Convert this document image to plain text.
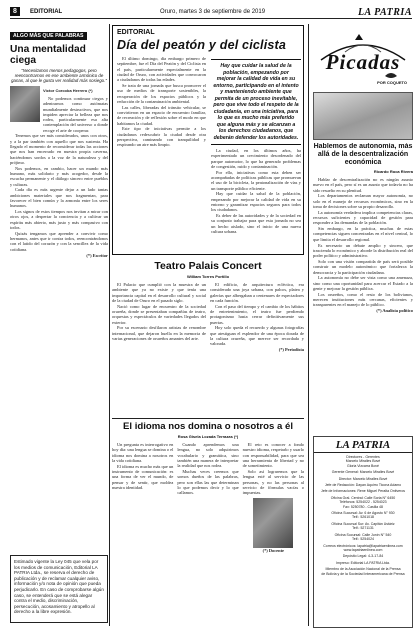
8	EDITORIAL	Oruro, martes 3 de septiembre de 2019	LA PATRIA
ALGO MÁS QUE PALABRAS
Una mentalidad ciega
"Necesitamos menos pedagogos, pero reencontrarnos en ese ambiente armónico de ganas, al que le gusta ver realidad más sosiego."
Víctor Corcoba Herrero (*)

No podemos continuar ciegos y adentrarnos como autómatas mundialmente destructivos, que nos impiden apreciar la belleza que nos rodea, particularmente esa alta contemplación del universo a donde recoge el arte de cooperar.

Tenemos que ser más considerados, unos con otros, y a la par también con aquello que nos sustenta. Ha llegado el momento de reconsiderar todas las acciones que nos han encerrado en nuestra propia caverna, haciéndonos sordos a la voz de la naturaleza y del prójimo.

Nos podemos, en cambio, hacer un mundo más humano, más solidario y más acogedor, desde la escucha permanente y el diálogo sincero entre pueblos y culturas.

Cada día es más urgente dejar a un lado tantas ambiciones materiales que nos fragmentan, para favorecer el bien común y la armonía entre los seres humanos.

Los signos de estos tiempos nos invitan a mirar con otros ojos, a despertar la conciencia y a cultivar un espíritu más abierto, más justo y más compasivo con todos.

Quizás tengamos que aprender a convivir como hermanos, antes que ir contra todos, reencontrándonos con el latido del corazón y con la sencillez de la vida cotidiana.

(*) Escritor

Estimado vigente la Ley 045 que vela por los medios de comunicación, Editorial LA PATRIA Ltda., se reserva el derecho de publicación y de reclamar cualquier aviso, información y/o nota de opinión que pueda perjudicarlo. En caso de comprobarse algún caso, se entenderá que se está alegar contra el medio, discriminación, persecución, acosamiento y atropello al derecho a la libre expresión.
EDITORIAL
Día del peatón y del ciclista

El último domingo, día embargo primero de septiembre, fue el Día del Peatón y del Ciclista en el país, particularmente especialmente en la ciudad de Oruro, con actividades que convocaron a ciudadanos de todas las edades.

Se trata de una jornada que busca promover el uso de medios de transporte sostenibles, la recuperación de los espacios públicos y la reducción de la contaminación ambiental.

Las calles, liberadas del tránsito vehicular, se convirtieron en un espacio de encuentro familiar, de recreación y de reflexión sobre el modo en que habitamos la ciudad.

Este tipo de iniciativas permite a los ciudadanos redescubrir la ciudad desde otra perspectiva, caminando con tranquilidad y respirando un aire más limpio.

Hay que cuidar la salud de la población, empezando por mejorar la calidad de vida en su entorno, participando en el intento y manteniendo ambiente que permita de un proceso inevitable, pero que vive todo el respeto de la ciudadanía, en una iniciativa, para lo que es mucho más preferido que alguna más y se alcanzan a los derechos ciudadanos, que deberán defender los autoridades.

La ciudad, en los últimos años, ha experimentado un crecimiento desordenado del parque automotor, lo que ha generado problemas de congestión, ruido y contaminación.

Por ello, iniciativas como esta deben ser acompañadas de políticas públicas que promuevan el uso de la bicicleta, la peatonalización de vías y un transporte público eficiente.

Hay que cuidar la salud de la población, empezando por mejorar la calidad de vida en su entorno y garantizar espacios seguros para todos los ciudadanos.

Es deber de las autoridades y de la sociedad en su conjunto trabajar para que esta jornada no sea un hecho aislado, sino el inicio de una nueva cultura urbana.

Teatro Palais Concert
William Torres Portillo

El Palacio que cumplió con la muestra de un ambiente que ya no existe y que tenía una importancia capital en el desarrollo cultural y social de la ciudad de Oruro en el pasado siglo.

Nació como lugar de encuentro de la sociedad orureña, donde se presentaban compañías de teatro, orquestas y espectáculos de variedades llegados del exterior.

Por su escenario desfilaron artistas de renombre internacional, que dejaron huella en la memoria de varias generaciones de orureños amantes del arte.

El edificio, de arquitectura ecléctica, era considerado una joya urbana, con palcos, platea y galerías que albergaban a centenares de espectadores en cada función.

Con el paso del tiempo y el cambio de los hábitos de entretenimiento, el teatro fue perdiendo protagonismo hasta cerrar definitivamente sus puertas.

Hoy solo queda el recuerdo y algunas fotografías que atestiguan el esplendor de una época dorada de la cultura orureña, que merece ser recordada y valorada.

(*) Periodista

El idioma nos domina o nosotros a él
Rosa Gisela Lozada Terrazas (*)

Un pregunta es interrogativo en hoy día: una lengua se domina o el idioma nos domina a nosotros en la vida cotidiana.

El idioma es mucho más que un instrumento de comunicación: es una forma de ver el mundo, de pensar y de sentir, que moldea nuestra identidad.

Cuando aprendemos una lengua, no solo adquirimos vocabulario y gramática, sino también una manera de interpretar la realidad que nos rodea.

Muchas veces creemos que somos dueños de las palabras, pero son ellas las que determinan lo que podemos decir y lo que callamos.

El reto es conocer a fondo nuestro idioma, respetarlo y usarlo con responsabilidad, para que sea una herramienta de libertad y no de sometimiento.

Solo así lograremos que la lengua esté al servicio de las personas, y no las personas al servicio de fórmulas vacías o impuestas.

(*) Docente
Picadas
POR COQUETO
Hablemos de autonomía, más allá de la descentralización económica
Ricardo Roca Rivera

Hablar de descentralización no es ningún asunto nuevo en el país, pero sí es un asunto que todavía no ha sido resuelto en su plenitud.

Los departamentos reclaman mayor autonomía, no solo en el manejo de recursos económicos, sino en la toma de decisiones sobre su propio desarrollo.

La autonomía verdadera implica competencias claras, recursos suficientes y capacidad de gestión para responder a las demandas de la población.

Sin embargo, en la práctica, muchas de estas competencias siguen concentradas en el nivel central, lo que limita el desarrollo regional.

Es necesario un debate amplio y sincero, que trascienda lo económico y aborde la distribución real del poder político y administrativo.

Solo con una visión compartida de país será posible construir un modelo autonómico que fortalezca la democracia y la participación ciudadana.

La autonomía no debe ser vista como una amenaza, sino como una oportunidad para acercar el Estado a la gente y mejorar la gestión pública.

Los orureños, como el resto de los bolivianos, merecen instituciones más cercanas, eficientes y transparentes en el manejo de lo público.

(*) Analista político

LA PATRIA
Directores - Gerentes
Marcelo Miralles Bové
Gloria Vizcarra Bové
Gerente General: Marcelo Miralles Bové
Director: Marcelo Miralles Bové
Jefe de Redacción: Dayan Aquirro Ticona Adamo
Jefe de Informaciones: Rene Miguel Peralta Ontiveros
Oficina Gral. Central: Calle Soria N° 6450
Teléfonos: 5254022 - 5254023
Fax: 5250780 - Casilla 48
Oficina Sucursal: Av. 6 de Agosto N° 930
Telf.: 5261018
Oficina Sucursal Sur: Av. Capitán Ustáriz
Telf.: 5271131
Oficina Sucursal: Calle Junín N° 540
Telf.: 5254024
Correos electrónicos: lapatria@lapatriaenlinea.com
www.lapatriaenlinea.com
Depósito Legal: 4-3-17-84
Impreso: Editorial LA PATRIA Ltda.
Miembro de la Asociación Nacional de la Prensa
de Bolivia y de la Sociedad Interamericana de Prensa
